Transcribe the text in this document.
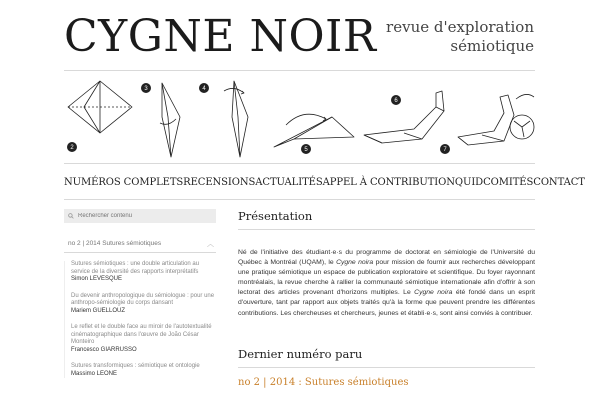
CYGNE NOIR revue d'exploration
sémiotique
2
3	4
5
6
7
NUMÉROS COMPLETS RECENSIONS ACTUALITÉS APPEL À CONTRIBUTION QUID COMITÉS CONTACT
Rechercher contenu
no 2 | 2014 Sutures sémiotiques	︿
Sutures sémiotiques : une double articulation au service de la diversité des rapports interprétatifs
Simon LEVESQUE
Du devenir anthropologique du sémiologue : pour une anthropo-sémiologie du corps dansant
Mariem GUELLOUZ
Le reflet et le double face au miroir de l'autotextualité cinématographique dans l'œuvre de João César Monteiro
Francesco GIARRUSSO
Sutures transformiques : sémiotique et ontologie
Massimo LEONE
Présentation

Né de l'initiative des étudiant·e·s du programme de doctorat en sémiologie de l'Université du Québec à Montréal (UQAM), le Cygne noira pour mission de fournir aux recherches développant une pratique sémiotique un espace de publication exploratoire et scientifique. Du foyer rayonnant montréalais, la revue cherche à rallier la communauté sémiotique internationale afin d'offrir à son lectorat des articles provenant d'horizons multiples. Le Cygne noira été fondé dans un esprit d'ouverture, tant par rapport aux objets traités qu'à la forme que peuvent prendre les différentes contributions. Les chercheuses et chercheurs, jeunes et établi·e·s, sont ainsi conviés à contribuer.

Dernier numéro paru
no 2 | 2014 : Sutures sémiotiques
